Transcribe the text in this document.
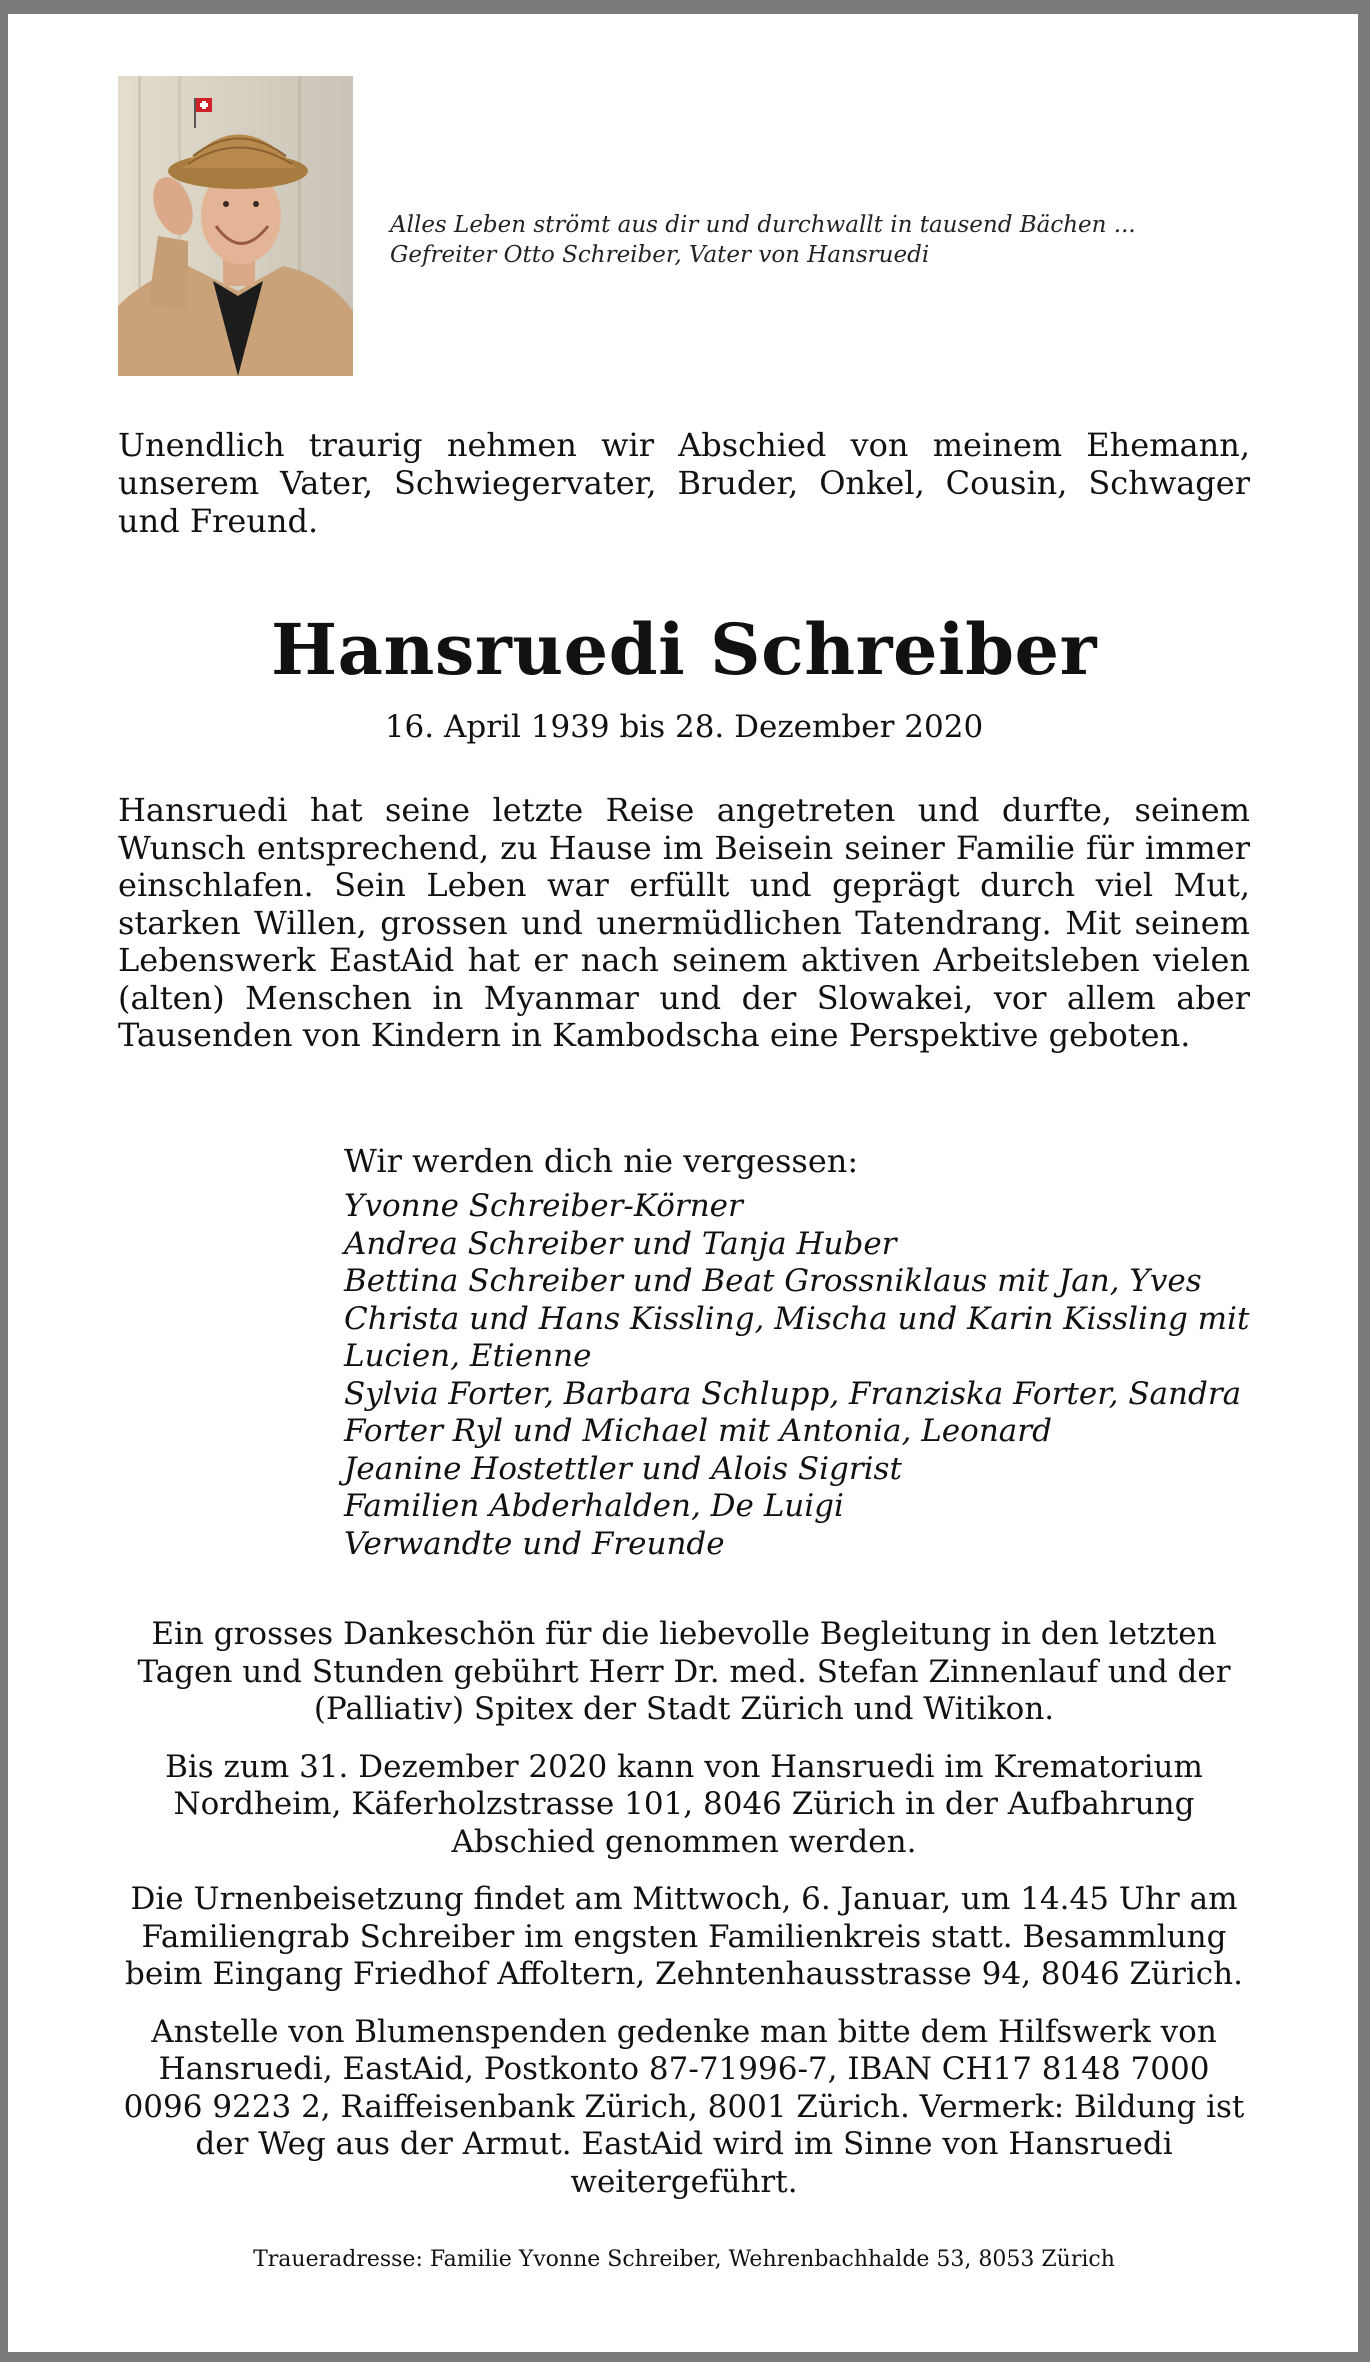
Alles Leben strömt aus dir und durchwallt in tausend Bächen ...
Gefreiter Otto Schreiber, Vater von Hansruedi
Unendlich traurig nehmen wir Abschied von meinem Ehemann, unserem Vater, Schwiegervater, Bruder, Onkel, Cousin, Schwager und Freund.
Hansruedi Schreiber
16. April 1939 bis 28. Dezember 2020
Hansruedi hat seine letzte Reise angetreten und durfte, seinem Wunsch entsprechend, zu Hause im Beisein seiner Familie für immer einschlafen. Sein Leben war erfüllt und geprägt durch viel Mut, starken Willen, grossen und unermüdlichen Tatendrang. Mit seinem Lebenswerk EastAid hat er nach seinem aktiven Arbeitsleben vielen (alten) Menschen in Myanmar und der Slowakei, vor allem aber Tausenden von Kindern in Kambodscha eine Perspektive geboten.
Wir werden dich nie vergessen:
Yvonne Schreiber-Körner
Andrea Schreiber und Tanja Huber
Bettina Schreiber und Beat Grossniklaus mit Jan, Yves
Christa und Hans Kissling, Mischa und Karin Kissling mit Lucien, Etienne
Sylvia Forter, Barbara Schlupp, Franziska Forter, Sandra Forter Ryl und Michael mit Antonia, Leonard
Jeanine Hostettler und Alois Sigrist
Familien Abderhalden, De Luigi
Verwandte und Freunde

Ein grosses Dankeschön für die liebevolle Begleitung in den letzten Tagen und Stunden gebührt Herr Dr. med. Stefan Zinnenlauf und der (Palliativ) Spitex der Stadt Zürich und Witikon.

Bis zum 31. Dezember 2020 kann von Hansruedi im Krematorium Nordheim, Käferholzstrasse 101, 8046 Zürich in der Aufbahrung Abschied genommen werden.

Die Urnenbeisetzung findet am Mittwoch, 6. Januar, um 14.45 Uhr am Familiengrab Schreiber im engsten Familienkreis statt. Besammlung beim Eingang Friedhof Affoltern, Zehntenhausstrasse 94, 8046 Zürich.

Anstelle von Blumenspenden gedenke man bitte dem Hilfswerk von Hansruedi, EastAid, Postkonto 87-71996-7, IBAN CH17 8148 7000 0096 9223 2, Raiffeisenbank Zürich, 8001 Zürich. Vermerk: Bildung ist der Weg aus der Armut. EastAid wird im Sinne von Hansruedi weitergeführt.

Traueradresse: Familie Yvonne Schreiber, Wehrenbachhalde 53, 8053 Zürich
